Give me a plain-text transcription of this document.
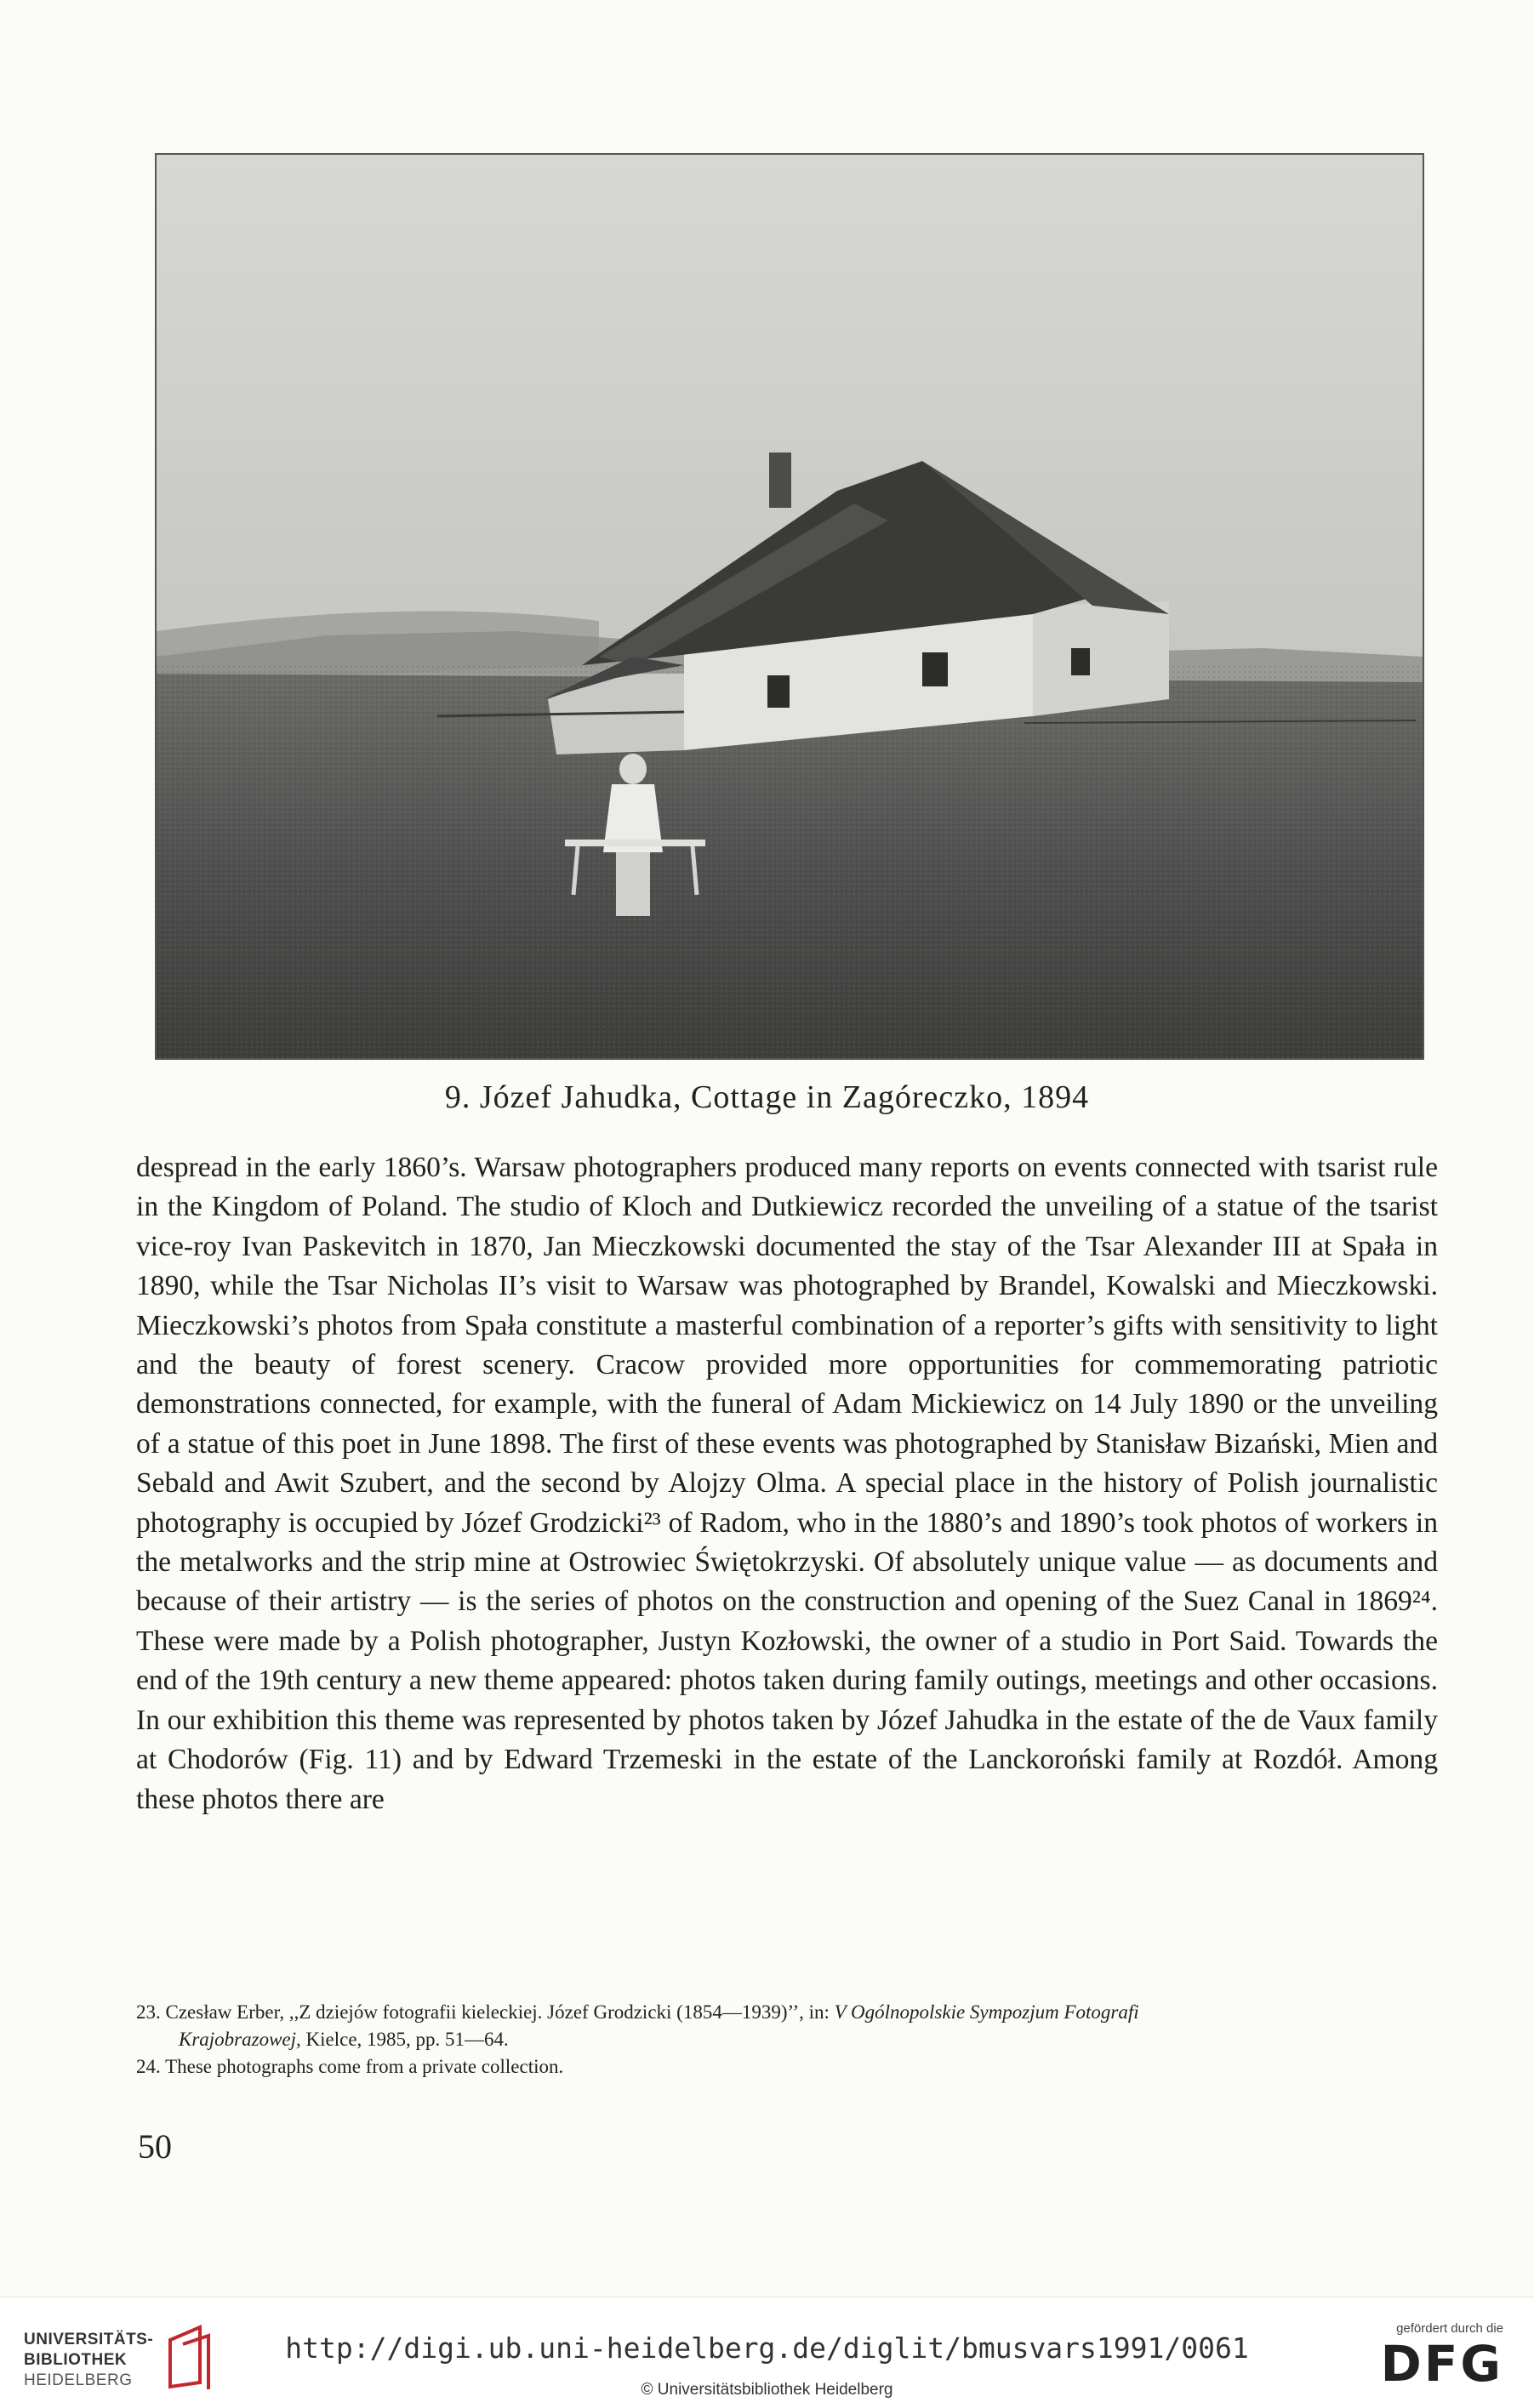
9. Józef Jahudka, Cottage in Zagóreczko, 1894

despread in the early 1860’s. Warsaw photographers produced many reports on events connected with tsarist rule in the Kingdom of Poland. The studio of Kloch and Dutkiewicz recorded the unveiling of a statue of the tsarist vice-roy Ivan Paskevitch in 1870, Jan Mieczkowski documented the stay of the Tsar Alexander III at Spała in 1890, while the Tsar Nicholas II’s visit to Warsaw was photographed by Brandel, Kowalski and Mieczkowski. Mieczkowski’s photos from Spała constitute a masterful combination of a reporter’s gifts with sensitivity to light and the beauty of forest scenery. Cracow provided more opportunities for commemorating patriotic demonstrations connected, for example, with the funeral of Adam Mickiewicz on 14 July 1890 or the unveiling of a statue of this poet in June 1898. The first of these events was photographed by Stanisław Bizański, Mien and Sebald and Awit Szubert, and the second by Alojzy Olma. A special place in the history of Polish journalistic photography is occupied by Józef Grodzicki²³ of Radom, who in the 1880’s and 1890’s took photos of workers in the metalworks and the strip mine at Ostrowiec Świętokrzyski. Of absolutely unique value — as documents and because of their artistry — is the series of photos on the construction and opening of the Suez Canal in 1869²⁴. These were made by a Polish photographer, Justyn Kozłowski, the owner of a studio in Port Said. Towards the end of the 19th century a new theme appeared: photos taken during family outings, meetings and other occasions. In our exhibition this theme was represented by photos taken by Józef Jahudka in the estate of the de Vaux family at Chodorów (Fig. 11) and by Edward Trzemeski in the estate of the Lanckoroński family at Rozdół. Among these photos there are

23. Czesław Erber, ,,Z dziejów fotografii kieleckiej. Józef Grodzicki (1854—1939)’’, in: V Ogólnopolskie Sympozjum Fotografi

Krajobrazowej, Kielce, 1985, pp. 51—64.

24. These photographs come from a private collection.

50
UNIVERSITÄTS-
BIBLIOTHEK
HEIDELBERG
http://digi.ub.uni-heidelberg.de/diglit/bmusvars1991/0061
© Universitätsbibliothek Heidelberg
gefördert durch die
DFG
